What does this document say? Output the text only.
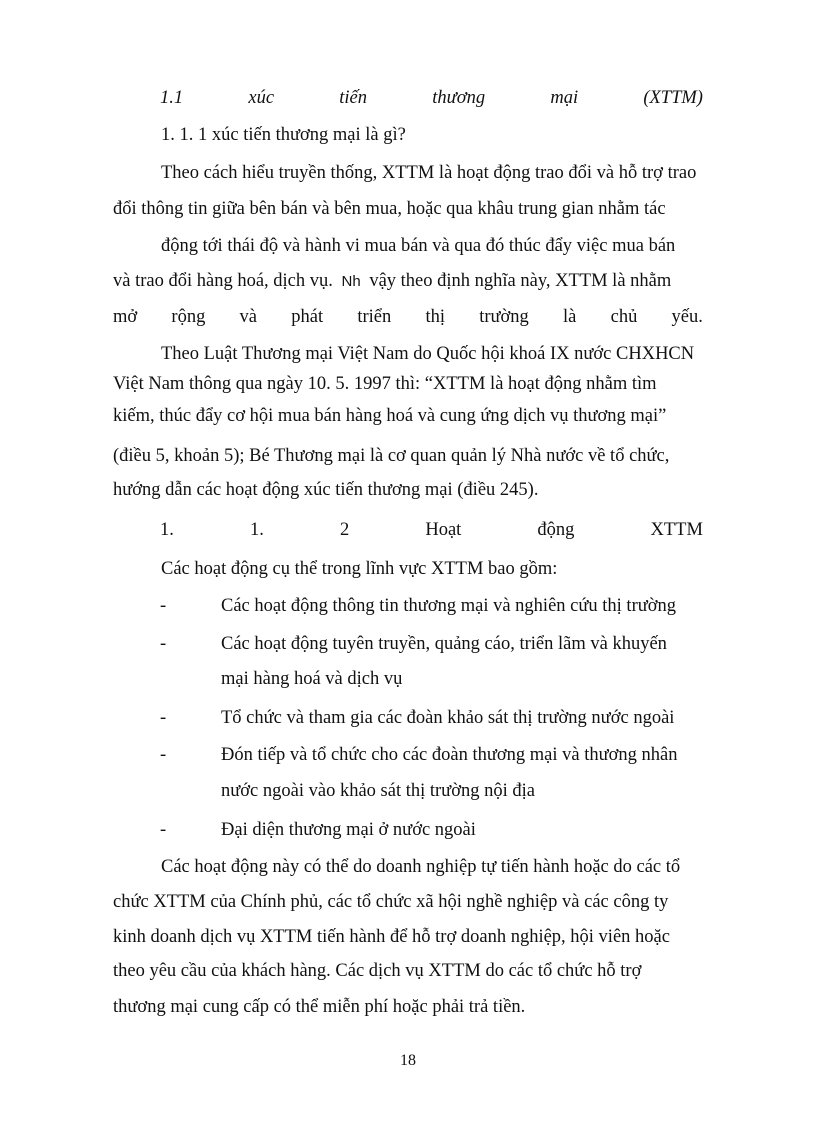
1.1	xúc	tiến	thương	mại	(XTTM)
1. 1. 1 xúc tiến thương mại là gì?
Theo cách hiểu truyền thống, XTTM là hoạt động trao đổi và hỗ trợ trao
đổi thông tin giữa bên bán và bên mua, hoặc qua khâu trung gian nhằm tác
động tới thái độ và hành vi mua bán và qua đó thúc đẩy việc mua bán
và trao đổi hàng hoá, dịch vụ. Nh vậy theo định nghĩa này, XTTM là nhằm
mở rộng và phát triển thị trường là chủ yếu.
Theo Luật Thương mại Việt Nam do Quốc hội khoá IX nước CHXHCN
Việt Nam thông qua ngày 10. 5. 1997 thì: “XTTM là hoạt động nhằm tìm
kiếm, thúc đẩy cơ hội mua bán hàng hoá và cung ứng dịch vụ thương mại”
(điều 5, khoản 5); Bé Thương mại là cơ quan quản lý Nhà nước về tổ chức,
hướng dẫn các hoạt động xúc tiến thương mại (điều 245).
1.	1.	2	Hoạt	động	XTTM
Các hoạt động cụ thể trong lĩnh vực XTTM bao gồm:
-	Các hoạt động thông tin thương mại và nghiên cứu thị trường
-	Các hoạt động tuyên truyền, quảng cáo, triển lãm và khuyến
mại hàng hoá và dịch vụ
-	Tổ chức và tham gia các đoàn khảo sát thị trường nước ngoài
-	Đón tiếp và tổ chức cho các đoàn thương mại và thương nhân
nước ngoài vào khảo sát thị trường nội địa
-	Đại diện thương mại ở nước ngoài
Các hoạt động này có thể do doanh nghiệp tự tiến hành hoặc do các tổ
chức XTTM của Chính phủ, các tổ chức xã hội nghề nghiệp và các công ty
kinh doanh dịch vụ XTTM tiến hành để hỗ trợ doanh nghiệp, hội viên hoặc
theo yêu cầu của khách hàng. Các dịch vụ XTTM do các tổ chức hỗ trợ
thương mại cung cấp có thể miễn phí hoặc phải trả tiền.
18
